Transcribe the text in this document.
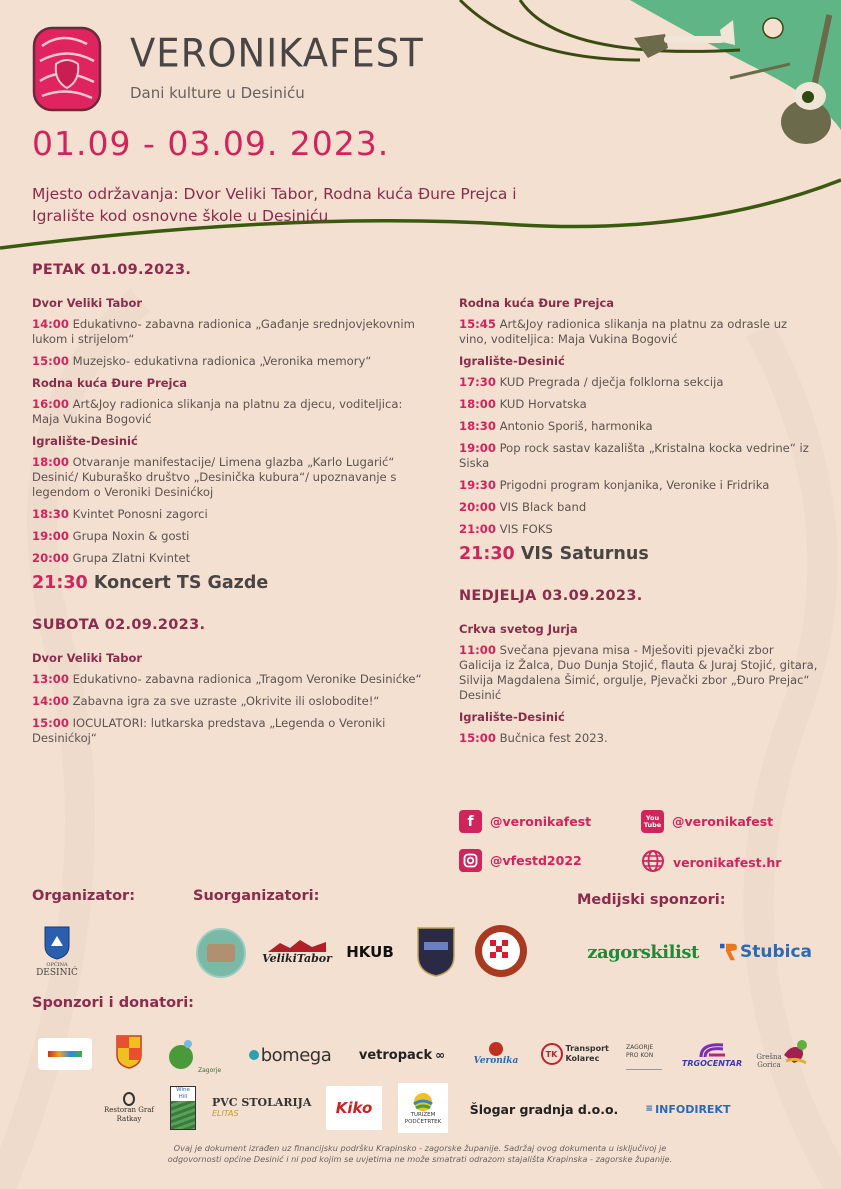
VERONIKAFEST
Dani kulture u Desiniću
01.09 - 03.09. 2023.
Mjesto održavanja: Dvor Veliki Tabor, Rodna kuća Đure Prejca i
Igralište kod osnovne škole u Desiniću
PETAK 01.09.2023.
Dvor Veliki Tabor
14:00 Edukativno- zabavna radionica „Gađanje srednjovjekovnim lukom i strijelom“
15:00 Muzejsko- edukativna radionica „Veronika memory“
Rodna kuća Đure Prejca
16:00 Art&Joy radionica slikanja na platnu za djecu, voditeljica: Maja Vukina Bogović
Igralište-Desinić
18:00 Otvaranje manifestacije/ Limena glazba „Karlo Lugarić“ Desinić/ Kuburaško društvo „Desinička kubura“/ upoznavanje s legendom o Veroniki Desinićkoj
18:30 Kvintet Ponosni zagorci
19:00 Grupa Noxin & gosti
20:00 Grupa Zlatni Kvintet
21:30 Koncert TS Gazde
SUBOTA 02.09.2023.
Dvor Veliki Tabor
13:00 Edukativno- zabavna radionica „Tragom Veronike Desinićke“
14:00 Zabavna igra za sve uzraste „Okrivite ili oslobodite!“
15:00 IOCULATORI: lutkarska predstava „Legenda o Veroniki Desinićkoj“
Rodna kuća Đure Prejca
15:45 Art&Joy radionica slikanja na platnu za odrasle uz vino, voditeljica: Maja Vukina Bogović
Igralište-Desinić
17:30 KUD Pregrada / dječja folklorna sekcija
18:00 KUD Horvatska
18:30 Antonio Sporiš, harmonika
19:00 Pop rock sastav kazališta „Kristalna kocka vedrine“ iz Siska
19:30 Prigodni program konjanika, Veronike i Fridrika
20:00 VIS Black band
21:00 VIS FOKS
21:30 VIS Saturnus
NEDJELJA 03.09.2023.
Crkva svetog Jurja
11:00 Svečana pjevana misa - Mješoviti pjevački zbor Galicija iz Žalca, Duo Dunja Stojić, flauta & Juraj Stojić, gitara, Silvija Magdalena Šimić, orgulje, Pjevački zbor „Đuro Prejac“ Desinić
Igralište-Desinić
15:00 Bučnica fest 2023.
f	@veronikafest	You Tube @veronikafest
@vfestd2022	veronikafest.hr
Organizator:	Suorganizatori:	Medijski sponzori:
Sponzori i donatori:
OPĆINA
DESINIĆ
VelikiTabor HKUB	zagorskilist Stubica
Zagorje
bomega vetropack ∞	Veronika
TK
Transport Kolarec
ZAGORJE PRO KON
TRGOCENTAR
Grešna Gorica
Restoran Graf Ratkay
Wine Hill	PVC STOLARIJA
ELITAS	Kiko	TURIZEM PODČETRTEK
Šlogar gradnja d.o.o.	≡ INFODIREKT
Ovaj je dokument izrađen uz financijsku podršku Krapinsko - zagorske županije. Sadržaj ovog dokumenta u isključivoj je
odgovornosti općine Desinić i ni pod kojim se uvjetima ne može smatrati odrazom stajališta Krapinska - zagorske županije.
